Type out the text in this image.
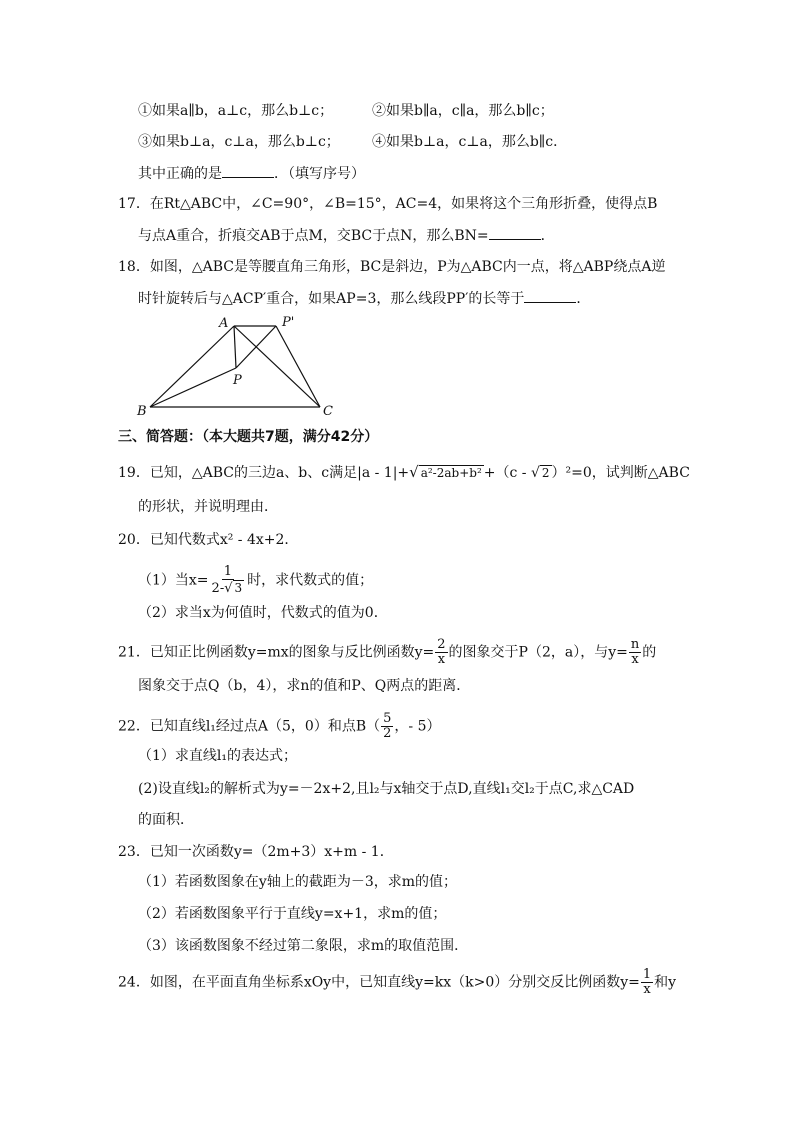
①如果a∥b，a⊥c，那么b⊥c；	②如果b∥a，c∥a，那么b∥c；
③如果b⊥a，c⊥a，那么b⊥c； ④如果b⊥a，c⊥a，那么b∥c．
其中正确的是	．（填写序号）
17．在Rt△ABC中，∠C=90°，∠B=15°，AC=4，如果将这个三角形折叠，使得点B
与点A重合，折痕交AB于点M，交BC于点N，那么BN=	．
18．如图，△ABC是等腰直角三角形，BC是斜边，P为△ABC内一点，将△ABP绕点A逆
时针旋转后与△ACP′重合，如果AP=3，那么线段PP′的长等于	．
A	P'
P
B	C
三、简答题：（本大题共7题，满分42分）
19．已知，△ABC的三边a、b、c满足|a - 1|+√ a²-2ab+b² +（c - √ 2 ）²=0，试判断△ABC
的形状，并说明理由．
20．已知代数式x² - 4x+2．
（1）当$x= \frac{1}{2-√ 3}$ 时，求代数式的值；
（2）求当x为何值时，代数式的值为0．
21．已知正比例函数y=mx的图象与反比例函数$y= \frac{2}{x}$ 的图象交于P（2，a），与$y= \frac{n}{x}$ 的
图象交于点Q（b，4），求n的值和P、Q两点的距离．
22．已知直线l₁经过点A（5，0）和点$B( \frac{5}{2}$ ，- 5）
（1）求直线l₁的表达式；
(2)设直线l₂的解析式为y=－2x+2,且l₂与x轴交于点D,直线l₁交l₂于点C,求△CAD
的面积．
23．已知一次函数y=（2m+3）x+m - 1．
（1）若函数图象在y轴上的截距为－3，求m的值；
（2）若函数图象平行于直线y=x+1，求m的值；
（3）该函数图象不经过第二象限，求m的取值范围．
24．如图，在平面直角坐标系xOy中，已知直线y=kx（k>0）分别交反比例函数$y= \frac{1}{x}$ 和y
